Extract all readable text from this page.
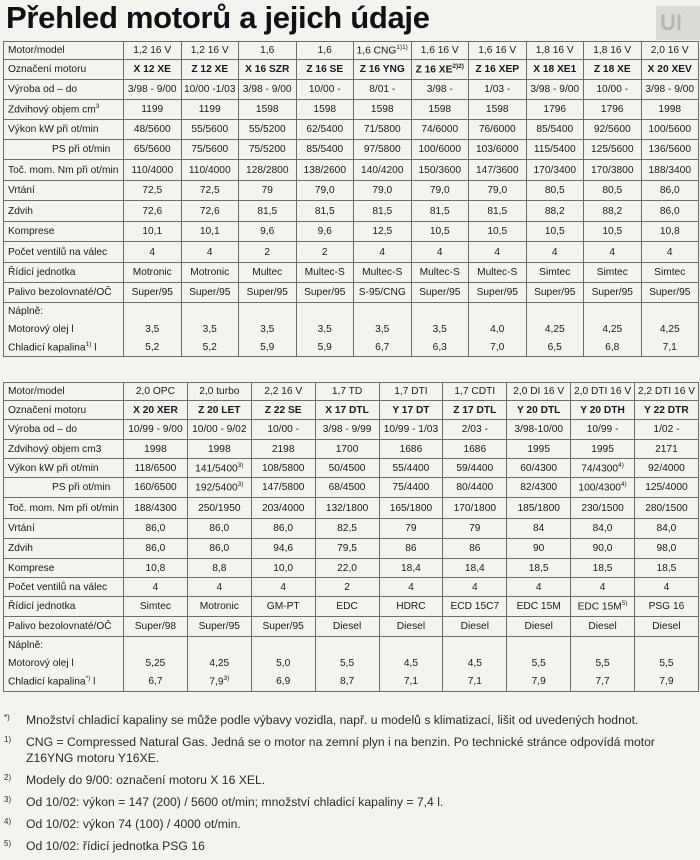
Přehled motorů a jejich údaje	Ul
Motor/model	1,2 16 V	1,2 16 V	1,6	1,6	1,6 $CNG^{1)1)}$	1,6 16 V	1,6 16 V	1,8 16 V	1,8 16 V	2,0 16 V
Označení motoru	X 12 XE	Z 12 XE	X 16 SZR	Z 16 SE	Z 16 YNG	Z 16 $XE^{2)2)}$	Z 16 XEP	X 18 XE1	Z 18 XE	X 20 XEV
Výroba od – do	3/98 - 9/00	10/00 -1/03	3/98 - 9/00	10/00 -	8/01 -	3/98 -	1/03 -	3/98 - 9/00	10/00 -	3/98 - 9/00
Zdvihový objem $cm^3$	1199	1199	1598	1598	1598	1598	1598	1796	1796	1998
Výkon kW při ot/min	48/5600	55/5600	55/5200	62/5400	71/5800	74/6000	76/6000	85/5400	92/5600	100/5600
PS při ot/min	65/5600	75/5600	75/5200	85/5400	97/5800	100/6000	103/6000	115/5400	125/5600	136/5600
Toč. mom. Nm při ot/min	110/4000	110/4000	128/2800	138/2600	140/4200	150/3600	147/3600	170/3400	170/3800	188/3400
Vrtání	72,5	72,5	79	79,0	79,0	79,0	79,0	80,5	80,5	86,0
Zdvih	72,6	72,6	81,5	81,5	81,5	81,5	81,5	88,2	88,2	86,0
Komprese	10,1	10,1	9,6	9,6	12,5	10,5	10,5	10,5	10,5	10,8
Počet ventilů na válec	4	4	2	2	4	4	4	4	4	4
Řídicí jednotka	Motronic	Motronic	Multec	Multec-S	Multec-S	Multec-S	Multec-S	Simtec	Simtec	Simtec
Palivo bezolovnaté/OČ	Super/95	Super/95	Super/95	Super/95	S-95/CNG	Super/95	Super/95	Super/95	Super/95	Super/95
Náplně:										
Motorový olej l	3,5	3,5	3,5	3,5	3,5	3,5	4,0	4,25	4,25	4,25
Chladicí kapalina$^{1)}$ l	5,2	5,2	5,9	5,9	6,7	6,3	7,0	6,5	6,8	7,1
Motor/model	2,0 OPC	2,0 turbo	2,2 16 V	1,7 TD	1,7 DTI	1,7 CDTI	2,0 DI 16 V	2,0 DTI 16 V	2,2 DTI 16 V
Označení motoru	X 20 XER	Z 20 LET	Z 22 SE	X 17 DTL	Y 17 DT	Z 17 DTL	Y 20 DTL	Y 20 DTH	Y 22 DTR
Výroba od – do	10/99 - 9/00	10/00 - 9/02	10/00 -	3/98 - 9/99	10/99 - 1/03	2/03 -	3/98-10/00	10/99 -	1/02 -
Zdvihový objem cm3	1998	1998	2198	1700	1686	1686	1995	1995	2171
Výkon kW při ot/min	118/6500	141/5400$^{3)}$	108/5800	50/4500	55/4400	59/4400	60/4300	74/4300$^{4)}$	92/4000
PS při ot/min	160/6500	192/5400$^{3)}$	147/5800	68/4500	75/4400	80/4400	82/4300	100/4300$^{4)}$	125/4000
Toč. mom. Nm při ot/min	188/4300	250/1950	203/4000	132/1800	165/1800	170/1800	185/1800	230/1500	280/1500
Vrtání	86,0	86,0	86,0	82,5	79	79	84	84,0	84,0
Zdvih	86,0	86,0	94,6	79,5	86	86	90	90,0	98,0
Komprese	10,8	8,8	10,0	22,0	18,4	18,4	18,5	18,5	18,5
Počet ventilů na válec	4	4	4	2	4	4	4	4	4
Řídicí jednotka	Simtec	Motronic	GM-PT	EDC	HDRC	ECD 15C7	EDC 15M	EDC $15M^{5)}$	PSG 16
Palivo bezolovnaté/OČ	Super/98	Super/95	Super/95	Diesel	Diesel	Diesel	Diesel	Diesel	Diesel
Náplně:									
Motorový olej l	5,25	4,25	5,0	5,5	4,5	4,5	5,5	5,5	5,5
Chladicí kapalina*) l	6,7	7,9$^{3)}$	6,9	8,7	7,1	7,1	7,9	7,7	7,9
*)	Množství chladicí kapaliny se může podle výbavy vozidla, např. u modelů s klimatizací, lišit od uvedených hodnot.
1)	CNG = Compressed Natural Gas. Jedná se o motor na zemní plyn i na benzin. Po technické stránce odpovídá motor Z16YNG motoru Y16XE.
2)	Modely do 9/00: označení motoru X 16 XEL.
3)	Od 10/02: výkon = 147 (200) / 5600 ot/min; množství chladicí kapaliny = 7,4 l.
4)	Od 10/02: výkon 74 (100) / 4000 ot/min.
5)	Od 10/02: řídicí jednotka PSG 16
